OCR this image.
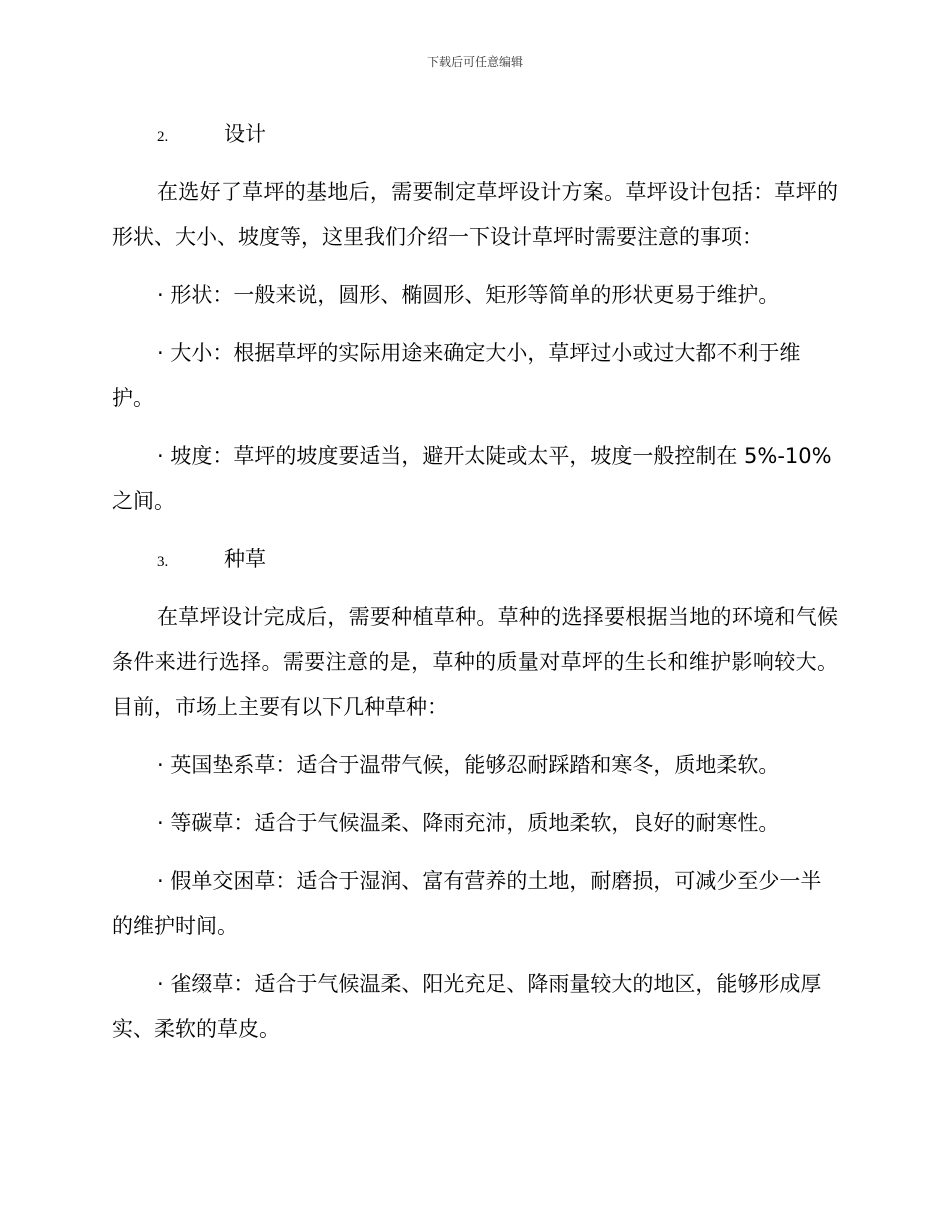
下载后可任意编辑
2.	设计

在选好了草坪的基地后，需要制定草坪设计方案。草坪设计包括：草坪的形状、大小、坡度等，这里我们介绍一下设计草坪时需要注意的事项：

· 形状：一般来说，圆形、椭圆形、矩形等简单的形状更易于维护。

· 大小：根据草坪的实际用途来确定大小，草坪过小或过大都不利于维护。

· 坡度：草坪的坡度要适当，避开太陡或太平，坡度一般控制在 5%-10% 之间。

3.	种草

在草坪设计完成后，需要种植草种。草种的选择要根据当地的环境和气候条件来进行选择。需要注意的是，草种的质量对草坪的生长和维护影响较大。目前，市场上主要有以下几种草种：

· 英国垫系草：适合于温带气候，能够忍耐踩踏和寒冬，质地柔软。

· 等碳草：适合于气候温柔、降雨充沛，质地柔软，良好的耐寒性。

· 假单交困草：适合于湿润、富有营养的土地，耐磨损，可减少至少一半的维护时间。

· 雀缀草：适合于气候温柔、阳光充足、降雨量较大的地区，能够形成厚实、柔软的草皮。
